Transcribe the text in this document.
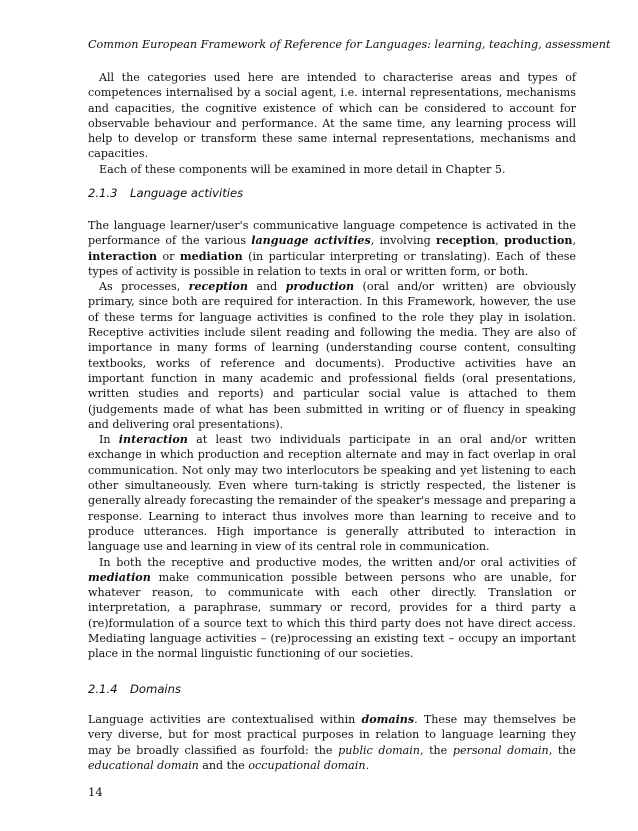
Common European Framework of Reference for Languages: learning, teaching, assessment

All the categories used here are intended to characterise areas and types of competences internalised by a social agent, i.e. internal representations, mechanisms and capacities, the cognitive existence of which can be considered to account for observable behaviour and performance. At the same time, any learning process will help to develop or transform these same internal representations, mechanisms and capacities.

Each of these components will be examined in more detail in Chapter 5.

2.1.3 Language activities

The language learner/user's communicative language competence is activated in the performance of the various language activities, involving reception, production, interaction or mediation (in particular interpreting or translating). Each of these types of activity is possible in relation to texts in oral or written form, or both.

As processes, reception and production (oral and/or written) are obviously primary, since both are required for interaction. In this Framework, however, the use of these terms for language activities is confined to the role they play in isolation. Receptive activities include silent reading and following the media. They are also of importance in many forms of learning (understanding course content, consulting textbooks, works of reference and documents). Productive activities have an important function in many academic and professional fields (oral presentations, written studies and reports) and particular social value is attached to them (judgements made of what has been submitted in writing or of fluency in speaking and delivering oral presentations).

In interaction at least two individuals participate in an oral and/or written exchange in which production and reception alternate and may in fact overlap in oral communication. Not only may two interlocutors be speaking and yet listening to each other simultaneously. Even where turn-taking is strictly respected, the listener is generally already forecasting the remainder of the speaker's message and preparing a response. Learning to interact thus involves more than learning to receive and to produce utterances. High importance is generally attributed to interaction in language use and learning in view of its central role in communication.

In both the receptive and productive modes, the written and/or oral activities of mediation make communication possible between persons who are unable, for whatever reason, to communicate with each other directly. Translation or interpretation, a paraphrase, summary or record, provides for a third party a (re)formulation of a source text to which this third party does not have direct access. Mediating language activities – (re)processing an existing text – occupy an important place in the normal linguistic functioning of our societies.

2.1.4 Domains

Language activities are contextualised within domains. These may themselves be very diverse, but for most practical purposes in relation to language learning they may be broadly classified as fourfold: the public domain, the personal domain, the educational domain and the occupational domain.

14
